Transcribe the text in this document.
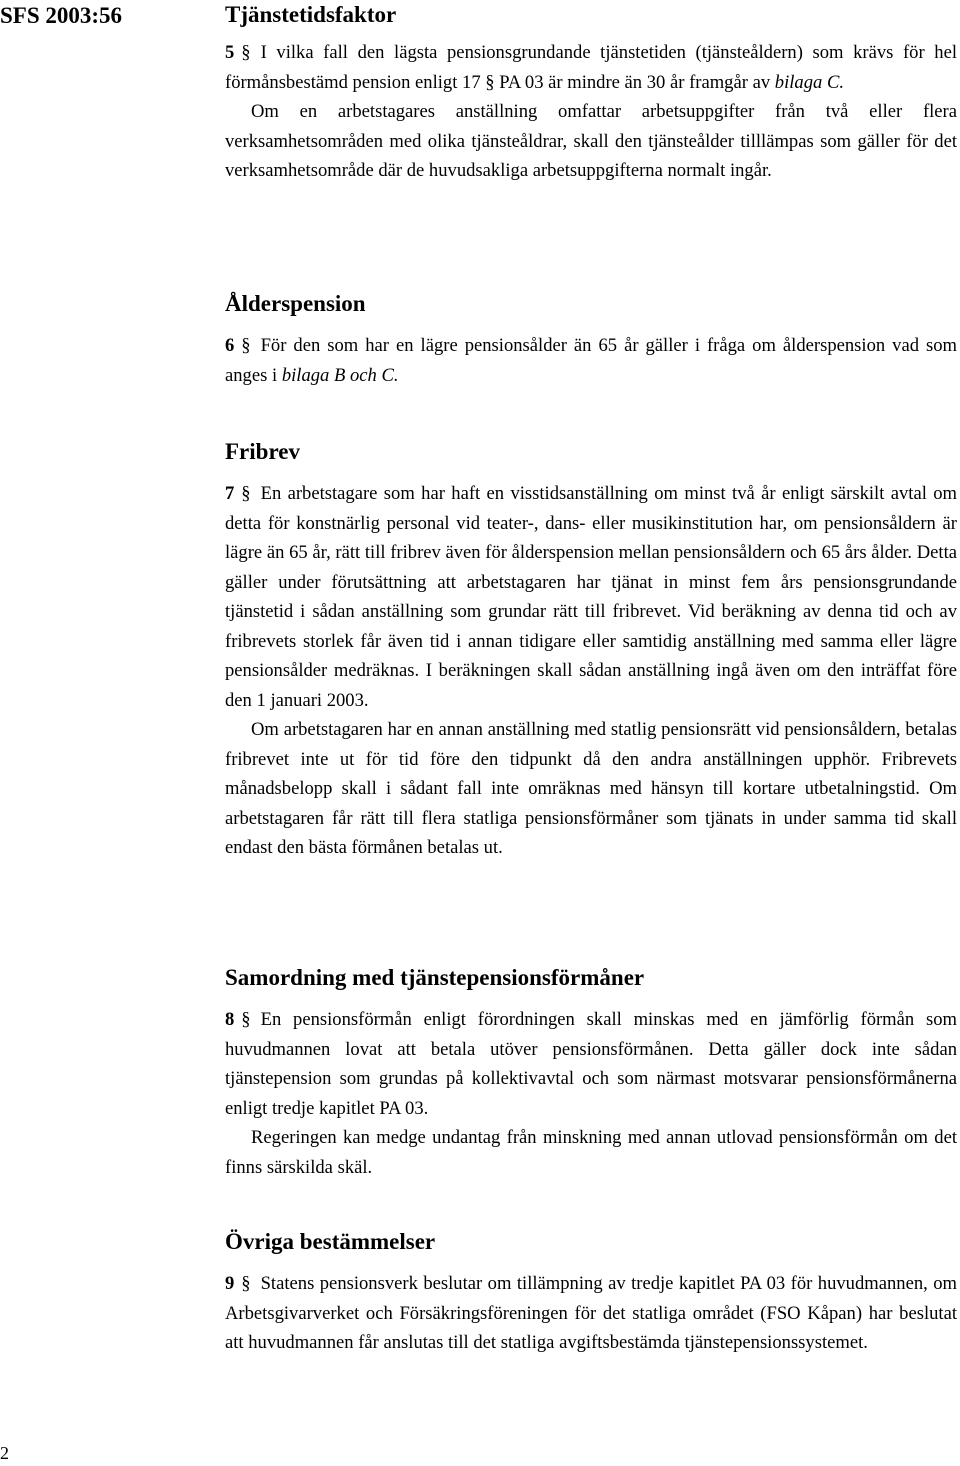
SFS 2003:56	Tjänstetidsfaktor

5 § I vilka fall den lägsta pensionsgrundande tjänstetiden (tjänsteåldern) som krävs för hel förmånsbestämd pension enligt 17 § PA 03 är mindre än 30 år framgår av bilaga C.

Om en arbetstagares anställning omfattar arbetsuppgifter från två eller flera verksamhetsområden med olika tjänsteåldrar, skall den tjänsteålder tilllämpas som gäller för det verksamhetsområde där de huvudsakliga arbetsuppgifterna normalt ingår.

Ålderspension

6 § För den som har en lägre pensionsålder än 65 år gäller i fråga om ålderspension vad som anges i bilaga B och C.

Fribrev

7 § En arbetstagare som har haft en visstidsanställning om minst två år enligt särskilt avtal om detta för konstnärlig personal vid teater-, dans- eller musikinstitution har, om pensionsåldern är lägre än 65 år, rätt till fribrev även för ålderspension mellan pensionsåldern och 65 års ålder. Detta gäller under förutsättning att arbetstagaren har tjänat in minst fem års pensionsgrundande tjänstetid i sådan anställning som grundar rätt till fribrevet. Vid beräkning av denna tid och av fribrevets storlek får även tid i annan tidigare eller samtidig anställning med samma eller lägre pensionsålder medräknas. I beräkningen skall sådan anställning ingå även om den inträffat före den 1 januari 2003.

Om arbetstagaren har en annan anställning med statlig pensionsrätt vid pensionsåldern, betalas fribrevet inte ut för tid före den tidpunkt då den andra anställningen upphör. Fribrevets månadsbelopp skall i sådant fall inte omräknas med hänsyn till kortare utbetalningstid. Om arbetstagaren får rätt till flera statliga pensionsförmåner som tjänats in under samma tid skall endast den bästa förmånen betalas ut.

Samordning med tjänstepensionsförmåner

8 § En pensionsförmån enligt förordningen skall minskas med en jämförlig förmån som huvudmannen lovat att betala utöver pensionsförmånen. Detta gäller dock inte sådan tjänstepension som grundas på kollektivavtal och som närmast motsvarar pensionsförmånerna enligt tredje kapitlet PA 03.

Regeringen kan medge undantag från minskning med annan utlovad pensionsförmån om det finns särskilda skäl.

Övriga bestämmelser

9 § Statens pensionsverk beslutar om tillämpning av tredje kapitlet PA 03 för huvudmannen, om Arbetsgivarverket och Försäkringsföreningen för det statliga området (FSO Kåpan) har beslutat att huvudmannen får anslutas till det statliga avgiftsbestämda tjänstepensionssystemet.

2
